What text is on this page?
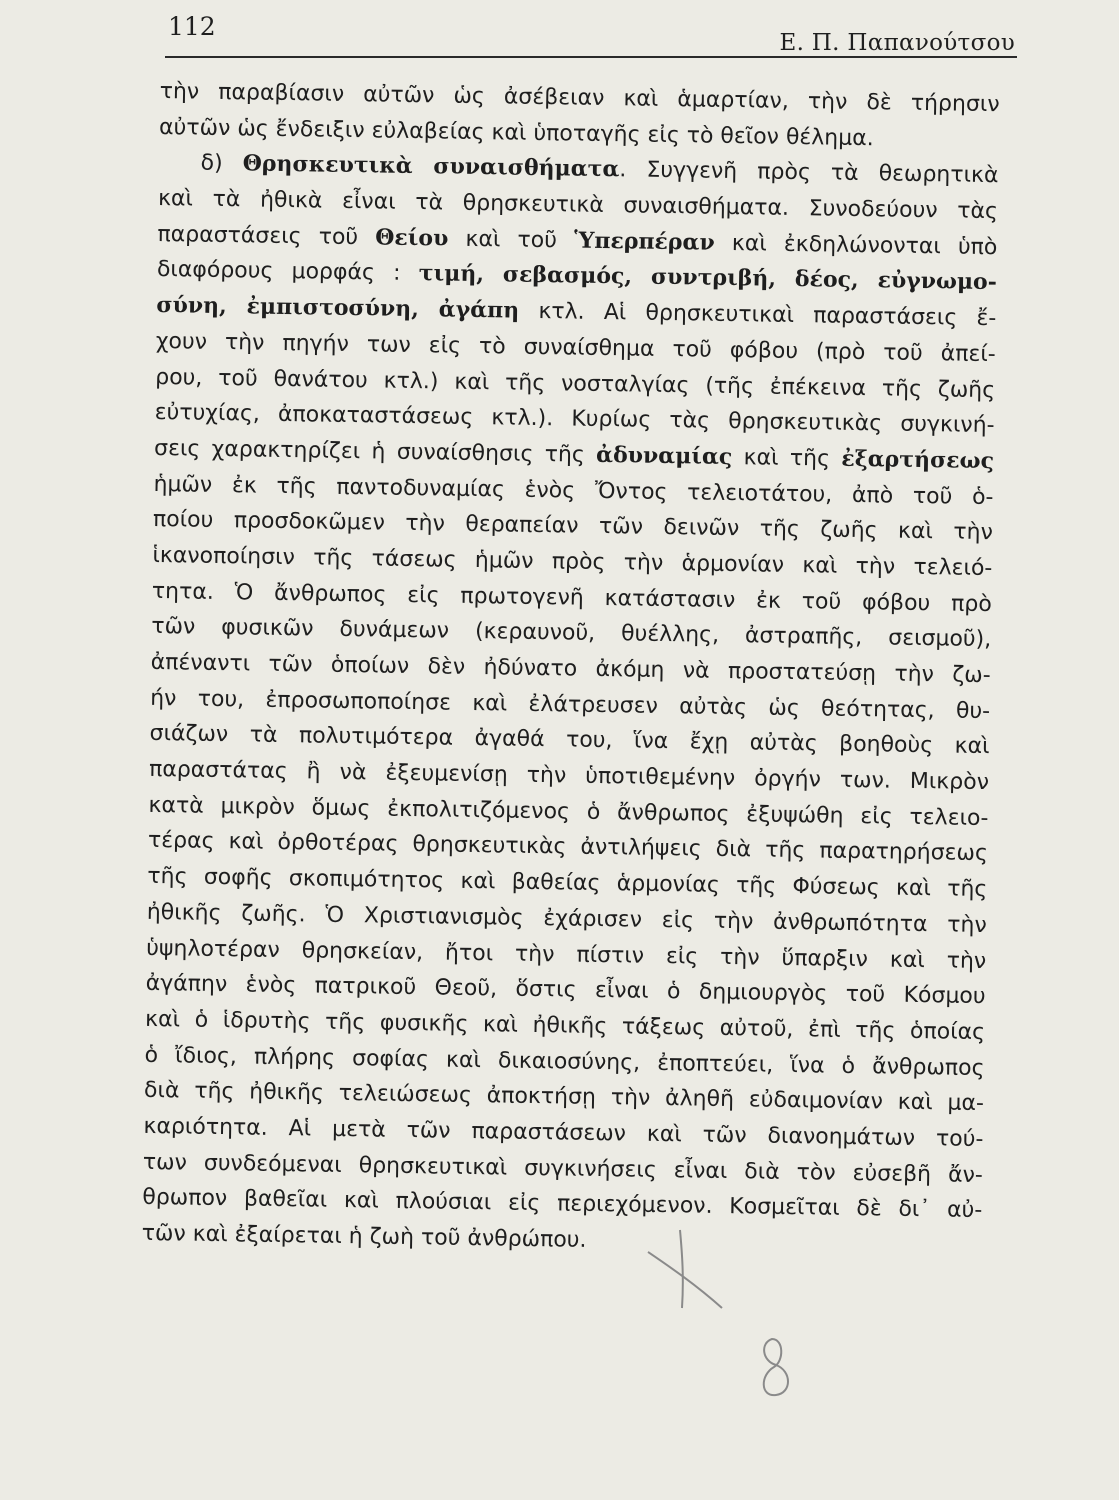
112
Ε. Π. Παπανούτσου
τὴν παραβίασιν αὐτῶν ὡς ἀσέβειαν καὶ ἁμαρτίαν, τὴν δὲ τήρησιν
αὐτῶν ὡς ἔνδειξιν εὐλαβείας καὶ ὑποταγῆς εἰς τὸ θεῖον θέλημα.
δ) Θρησκευτικὰ συναισθήματα. Συγγενῆ πρὸς τὰ θεωρητικὰ
καὶ τὰ ἠθικὰ εἶναι τὰ θρησκευτικὰ συναισθήματα. Συνοδεύουν τὰς
παραστάσεις τοῦ Θείου καὶ τοῦ Ὑπερπέραν καὶ ἐκδηλώνονται ὑπὸ
διαφόρους μορφάς : τιμή, σεβασμός, συντριβή, δέος, εὐγνωμο-
σύνη, ἐμπιστοσύνη, ἀγάπη κτλ. Αἱ θρησκευτικαὶ παραστάσεις ἔ-
χουν τὴν πηγήν των εἰς τὸ συναίσθημα τοῦ φόβου (πρὸ τοῦ ἀπεί-
ρου, τοῦ θανάτου κτλ.) καὶ τῆς νοσταλγίας (τῆς ἐπέκεινα τῆς ζωῆς
εὐτυχίας, ἀποκαταστάσεως κτλ.). Κυρίως τὰς θρησκευτικὰς συγκινή-
σεις χαρακτηρίζει ἡ συναίσθησις τῆς ἀδυναμίας καὶ τῆς ἐξαρτήσεως
ἡμῶν ἐκ τῆς παντοδυναμίας ἑνὸς Ὄντος τελειοτάτου, ἀπὸ τοῦ ὁ-
ποίου προσδοκῶμεν τὴν θεραπείαν τῶν δεινῶν τῆς ζωῆς καὶ τὴν
ἱκανοποίησιν τῆς τάσεως ἡμῶν πρὸς τὴν ἁρμονίαν καὶ τὴν τελειό-
τητα. Ὁ ἄνθρωπος εἰς πρωτογενῆ κατάστασιν ἐκ τοῦ φόβου πρὸ
τῶν φυσικῶν δυνάμεων (κεραυνοῦ, θυέλλης, ἀστραπῆς, σεισμοῦ),
ἀπέναντι τῶν ὁποίων δὲν ἠδύνατο ἀκόμη νὰ προστατεύσῃ τὴν ζω-
ήν του, ἐπροσωποποίησε καὶ ἐλάτρευσεν αὐτὰς ὡς θεότητας, θυ-
σιάζων τὰ πολυτιμότερα ἀγαθά του, ἵνα ἔχῃ αὐτὰς βοηθοὺς καὶ
παραστάτας ἢ νὰ ἐξευμενίσῃ τὴν ὑποτιθεμένην ὀργήν των. Μικρὸν
κατὰ μικρὸν ὅμως ἐκπολιτιζόμενος ὁ ἄνθρωπος ἐξυψώθη εἰς τελειο-
τέρας καὶ ὀρθοτέρας θρησκευτικὰς ἀντιλήψεις διὰ τῆς παρατηρήσεως
τῆς σοφῆς σκοπιμότητος καὶ βαθείας ἁρμονίας τῆς Φύσεως καὶ τῆς
ἠθικῆς ζωῆς. Ὁ Χριστιανισμὸς ἐχάρισεν εἰς τὴν ἀνθρωπότητα τὴν
ὑψηλοτέραν θρησκείαν, ἤτοι τὴν πίστιν εἰς τὴν ὕπαρξιν καὶ τὴν
ἀγάπην ἑνὸς πατρικοῦ Θεοῦ, ὅστις εἶναι ὁ δημιουργὸς τοῦ Κόσμου
καὶ ὁ ἱδρυτὴς τῆς φυσικῆς καὶ ἠθικῆς τάξεως αὐτοῦ, ἐπὶ τῆς ὁποίας
ὁ ἴδιος, πλήρης σοφίας καὶ δικαιοσύνης, ἐποπτεύει, ἵνα ὁ ἄνθρωπος
διὰ τῆς ἠθικῆς τελειώσεως ἀποκτήσῃ τὴν ἀληθῆ εὐδαιμονίαν καὶ μα-
καριότητα. Αἱ μετὰ τῶν παραστάσεων καὶ τῶν διανοημάτων τού-
των συνδεόμεναι θρησκευτικαὶ συγκινήσεις εἶναι διὰ τὸν εὐσεβῆ ἄν-
θρωπον βαθεῖαι καὶ πλούσιαι εἰς περιεχόμενον. Κοσμεῖται δὲ δι᾽ αὐ-
τῶν καὶ ἐξαίρεται ἡ ζωὴ τοῦ ἀνθρώπου.
